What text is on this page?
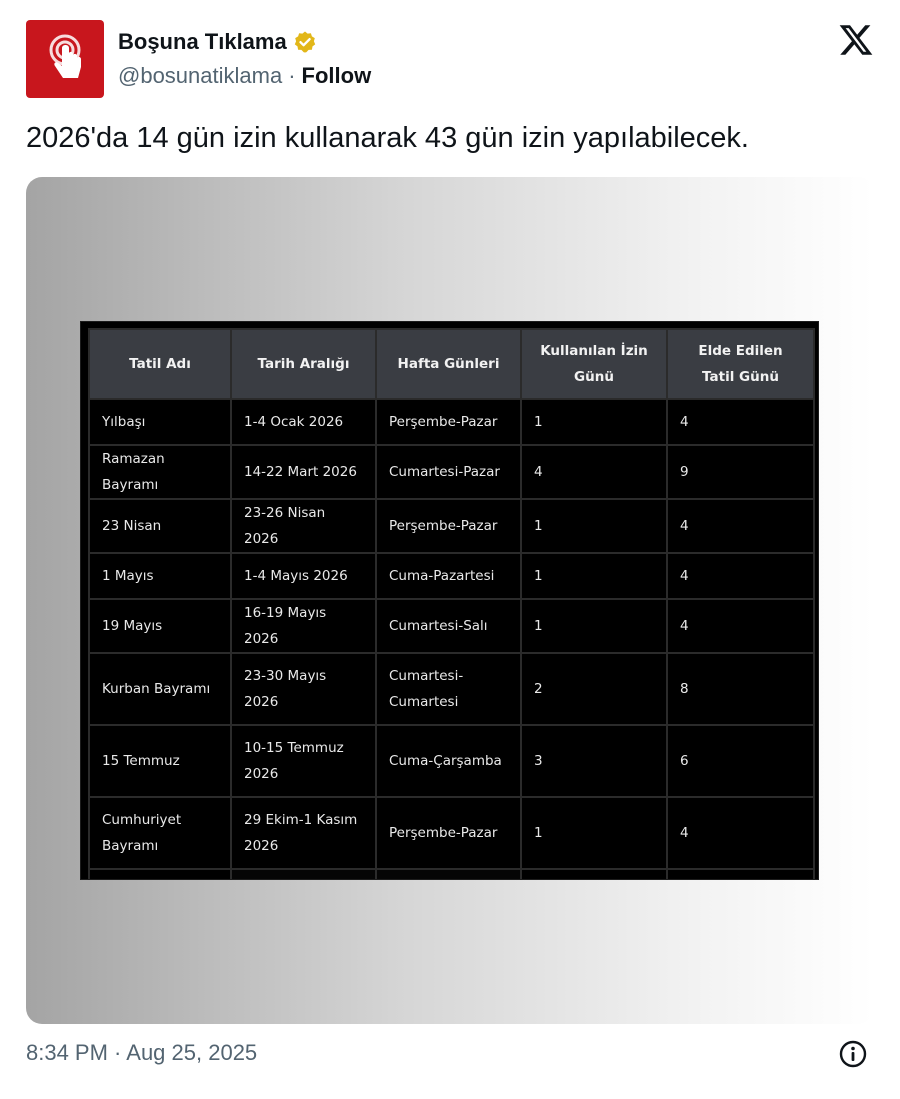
Boşuna Tıklama
@bosunatiklama · Follow
2026'da 14 gün izin kullanarak 43 gün izin yapılabilecek.
Tatil Adı	Tarih Aralığı	Hafta Günleri	Kullanılan İzin Günü	Elde Edilen Tatil Günü
Yılbaşı	1-4 Ocak 2026	Perşembe-Pazar	1	4
Ramazan Bayramı	14-22 Mart 2026	Cumartesi-Pazar	4	9
23 Nisan	23-26 Nisan 2026	Perşembe-Pazar	1	4
1 Mayıs	1-4 Mayıs 2026	Cuma-Pazartesi	1	4
19 Mayıs	16-19 Mayıs 2026	Cumartesi-Salı	1	4
Kurban Bayramı	23-30 Mayıs 2026	Cumartesi-Cumartesi	2	8
15 Temmuz	10-15 Temmuz 2026	Cuma-Çarşamba	3	6
Cumhuriyet Bayramı	29 Ekim-1 Kasım 2026	Perşembe-Pazar	1	4

8:34 PM · Aug 25, 2025
